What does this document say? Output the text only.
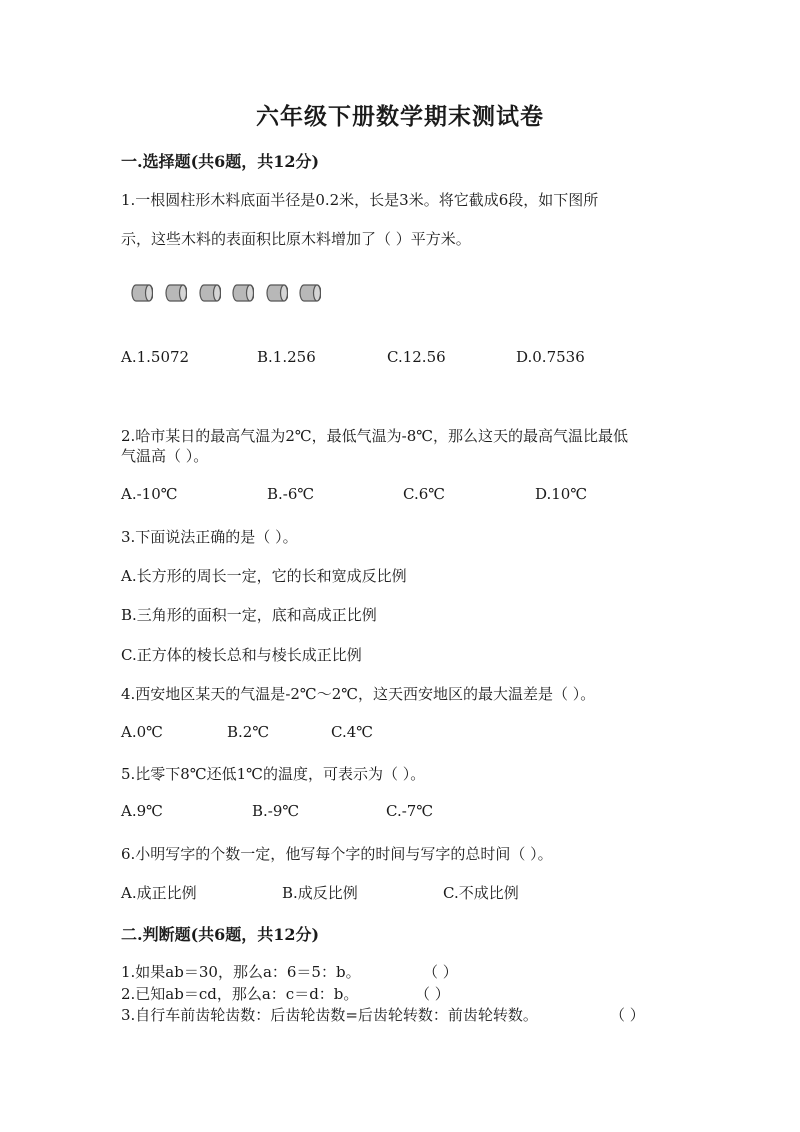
六年级下册数学期末测试卷
一.选择题(共6题，共12分)
1.一根圆柱形木料底面半径是0.2米，长是3米。将它截成6段，如下图所
示，这些木料的表面积比原木料增加了（ ）平方米。
A.1.5072	B.1.256	C.12.56	D.0.7536
2.哈市某日的最高气温为2℃，最低气温为-8℃，那么这天的最高气温比最低
气温高（ ）。
A.-10℃	B.-6℃	C.6℃	D.10℃
3.下面说法正确的是（ ）。
A.长方形的周长一定，它的长和宽成反比例
B.三角形的面积一定，底和高成正比例
C.正方体的棱长总和与棱长成正比例
4.西安地区某天的气温是-2℃～2℃，这天西安地区的最大温差是（ ）。
A.0℃	B.2℃	C.4℃
5.比零下8℃还低1℃的温度，可表示为（ ）。
A.9℃	B.-9℃	C.-7℃
6.小明写字的个数一定，他写每个字的时间与写字的总时间（ ）。
A.成正比例	B.成反比例	C.不成比例
二.判断题(共6题，共12分)
1.如果ab＝30，那么a：6＝5：b。	（ ）
2.已知ab＝cd，那么a：c＝d：b。	（ ）
3.自行车前齿轮齿数：后齿轮齿数=后齿轮转数：前齿轮转数。	（ ）
